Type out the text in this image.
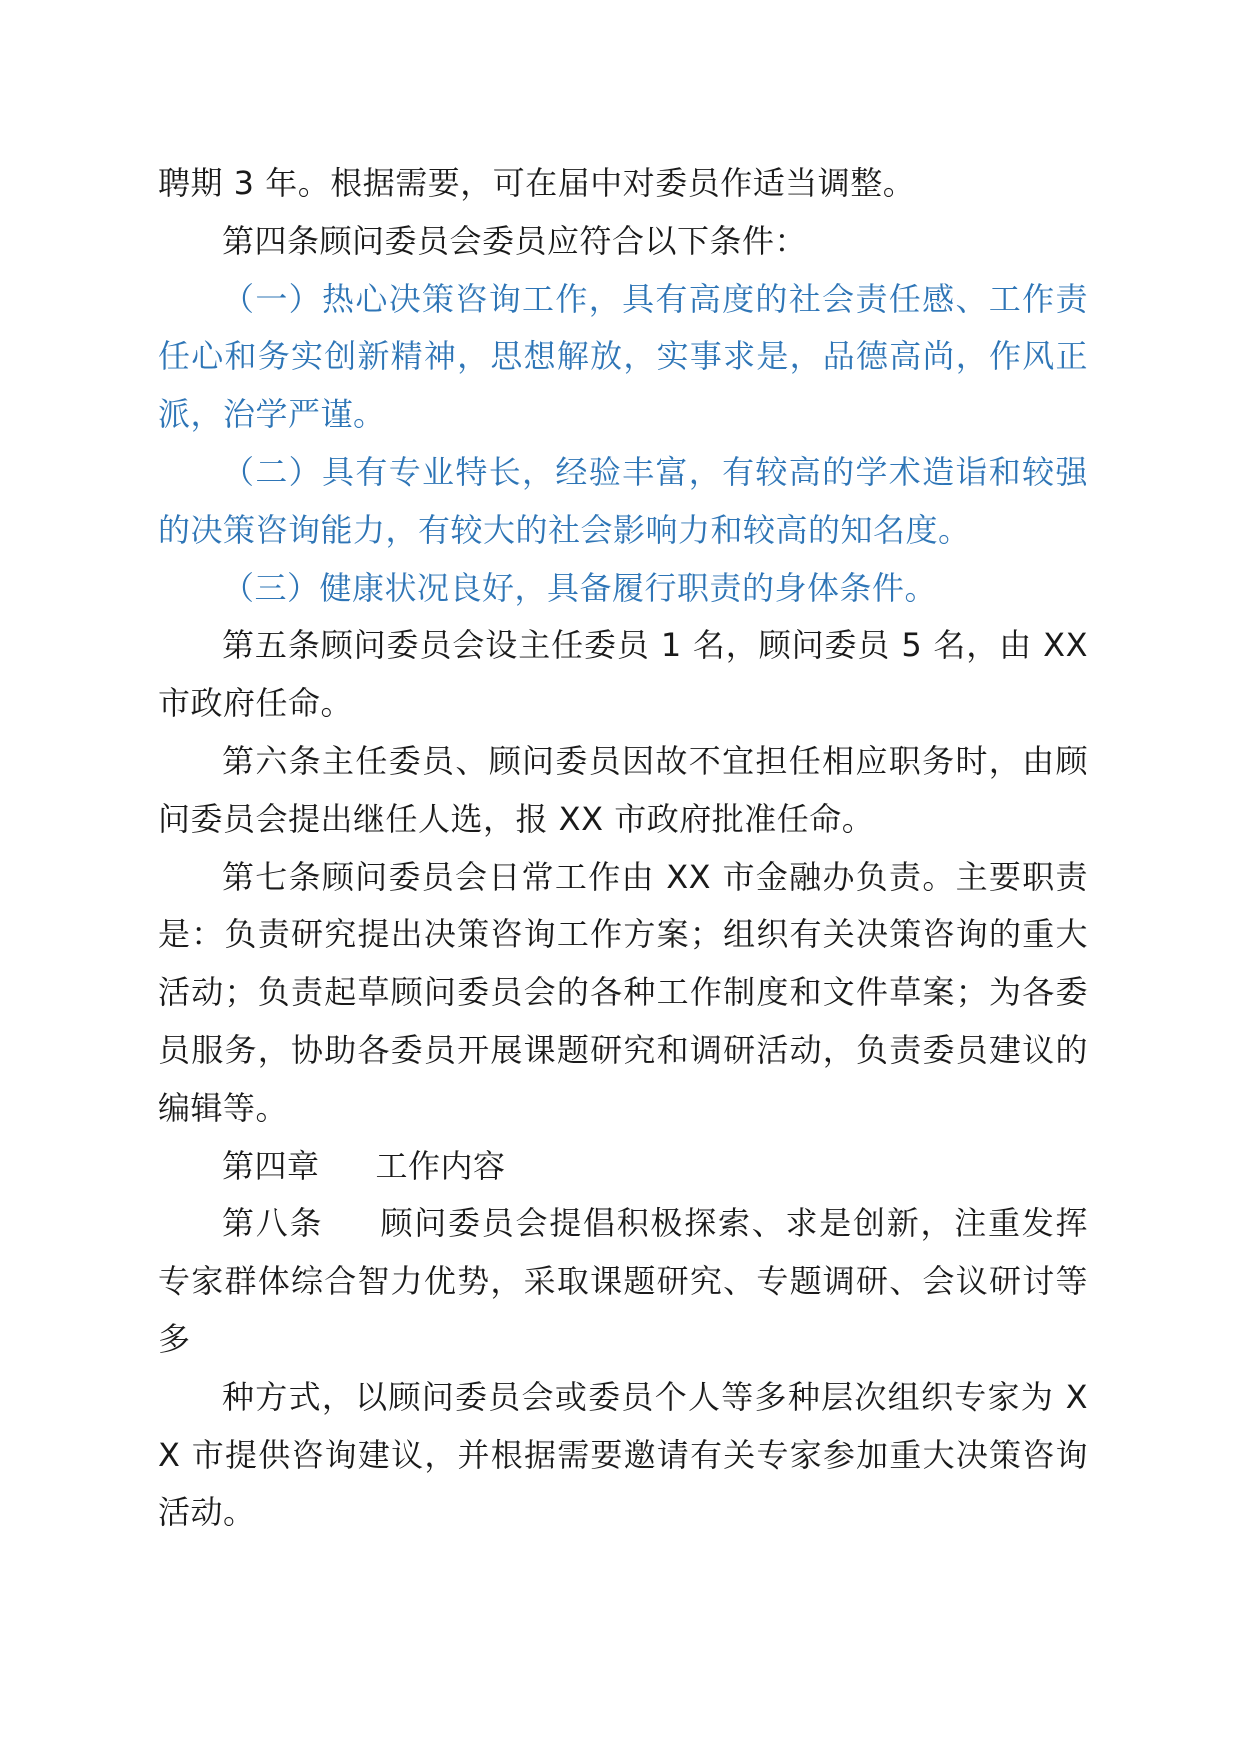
聘期 3 年。根据需要，可在届中对委员作适当调整。

第四条顾问委员会委员应符合以下条件：

（一）热心决策咨询工作，具有高度的社会责任感、工作责任心和务实创新精神，思想解放，实事求是，品德高尚，作风正派，治学严谨。

（二）具有专业特长，经验丰富，有较高的学术造诣和较强的决策咨询能力，有较大的社会影响力和较高的知名度。

（三）健康状况良好，具备履行职责的身体条件。

第五条顾问委员会设主任委员 1 名，顾问委员 5 名，由 XX 市政府任命。

第六条主任委员、顾问委员因故不宜担任相应职务时，由顾问委员会提出继任人选，报 XX 市政府批准任命。

第七条顾问委员会日常工作由 XX 市金融办负责。主要职责是：负责研究提出决策咨询工作方案；组织有关决策咨询的重大活动；负责起草顾问委员会的各种工作制度和文件草案；为各委员服务，协助各委员开展课题研究和调研活动，负责委员建议的编辑等。

第四章 工作内容

第八条 顾问委员会提倡积极探索、求是创新，注重发挥专家群体综合智力优势，采取课题研究、专题调研、会议研讨等多

种方式，以顾问委员会或委员个人等多种层次组织专家为 XX 市提供咨询建议，并根据需要邀请有关专家参加重大决策咨询活动。
